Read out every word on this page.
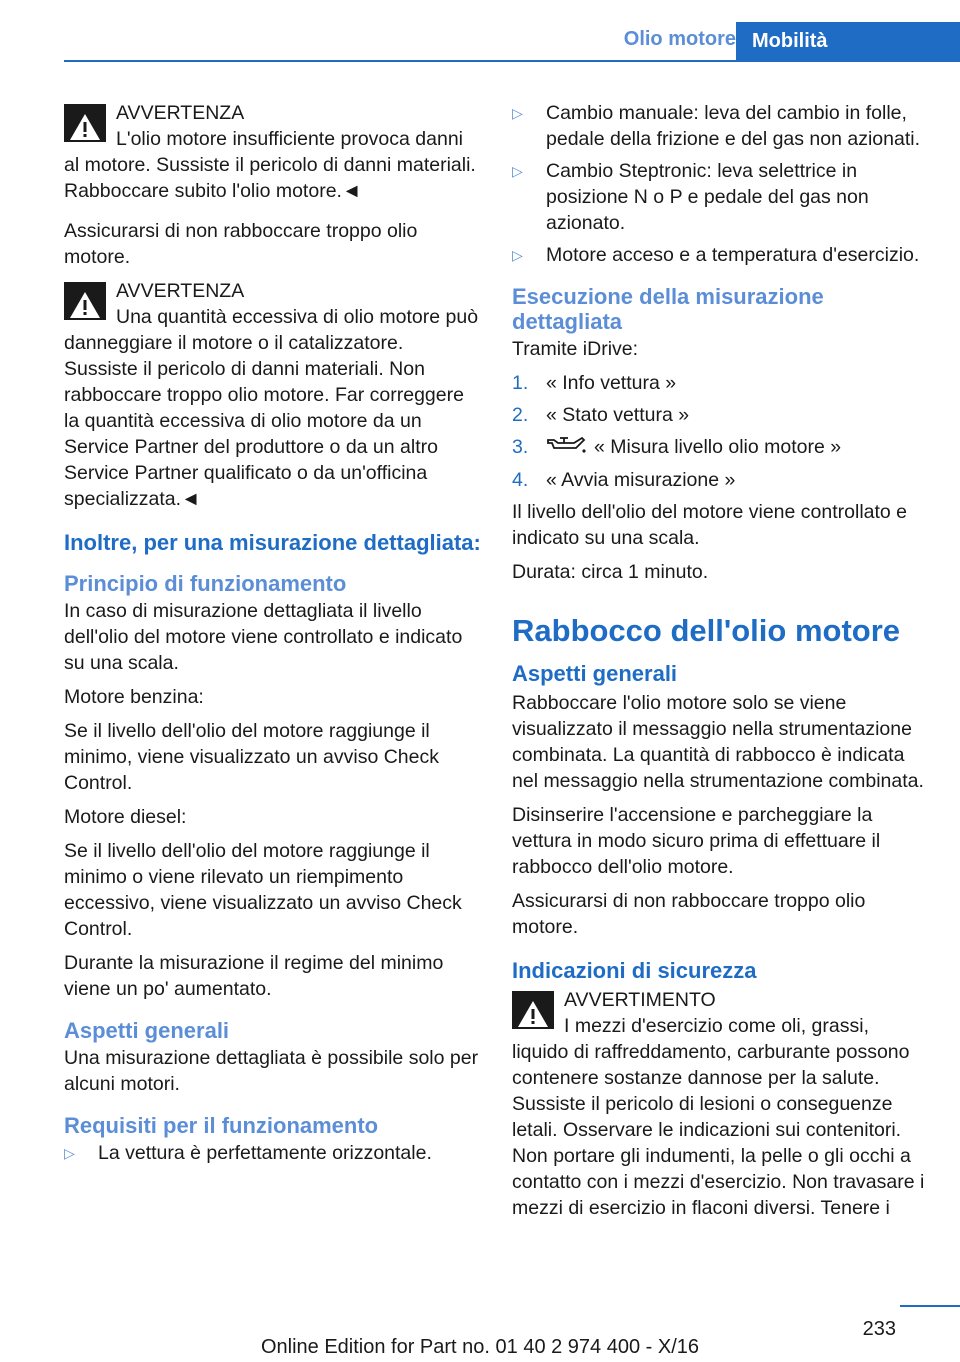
Olio motore Mobilità
AVVERTENZA
L'olio motore insufficiente provoca danni al motore. Sussiste il pericolo di danni materiali. Rabboccare subito l'olio motore.◄

Assicurarsi di non rabboccare troppo olio motore.

AVVERTENZA
Una quantità eccessiva di olio motore può danneggiare il motore o il catalizzatore. Sussiste il pericolo di danni materiali. Non rabboccare troppo olio motore. Far correggere la quantità eccessiva di olio motore da un Service Partner del produttore o da un altro Service Partner qualificato o da un'officina specializzata.◄
Inoltre, per una misurazione dettagliata:
Principio di funzionamento

In caso di misurazione dettagliata il livello dell'olio del motore viene controllato e indicato su una scala.

Motore benzina:

Se il livello dell'olio del motore raggiunge il minimo, viene visualizzato un avviso Check Control.

Motore diesel:

Se il livello dell'olio del motore raggiunge il minimo o viene rilevato un riempimento eccessivo, viene visualizzato un avviso Check Control.

Durante la misurazione il regime del minimo viene un po' aumentato.

Aspetti generali

Una misurazione dettagliata è possibile solo per alcuni motori.

Requisiti per il funzionamento
▷ La vettura è perfettamente orizzontale.
▷ Cambio manuale: leva del cambio in folle, pedale della frizione e del gas non azionati.
▷ Cambio Steptronic: leva selettrice in posizione N o P e pedale del gas non azionato.
▷ Motore acceso e a temperatura d'esercizio.
Esecuzione della misurazione dettagliata

Tramite iDrive:

1. « Info vettura »
2. « Stato vettura »
3.	« Misura livello olio motore »
4. « Avvia misurazione »

Il livello dell'olio del motore viene controllato e indicato su una scala.

Durata: circa 1 minuto.

Rabbocco dell'olio motore
Aspetti generali

Rabboccare l'olio motore solo se viene visualizzato il messaggio nella strumentazione combinata. La quantità di rabbocco è indicata nel messaggio nella strumentazione combinata.

Disinserire l'accensione e parcheggiare la vettura in modo sicuro prima di effettuare il rabbocco dell'olio motore.

Assicurarsi di non rabboccare troppo olio motore.

Indicazioni di sicurezza
AVVERTIMENTO
I mezzi d'esercizio come oli, grassi, liquido di raffreddamento, carburante possono contenere sostanze dannose per la salute. Sussiste il pericolo di lesioni o conseguenze letali. Osservare le indicazioni sui contenitori. Non portare gli indumenti, la pelle o gli occhi a contatto con i mezzi d'esercizio. Non travasare i mezzi di esercizio in flaconi diversi. Tenere i
233
Online Edition for Part no. 01 40 2 974 400 - X/16
